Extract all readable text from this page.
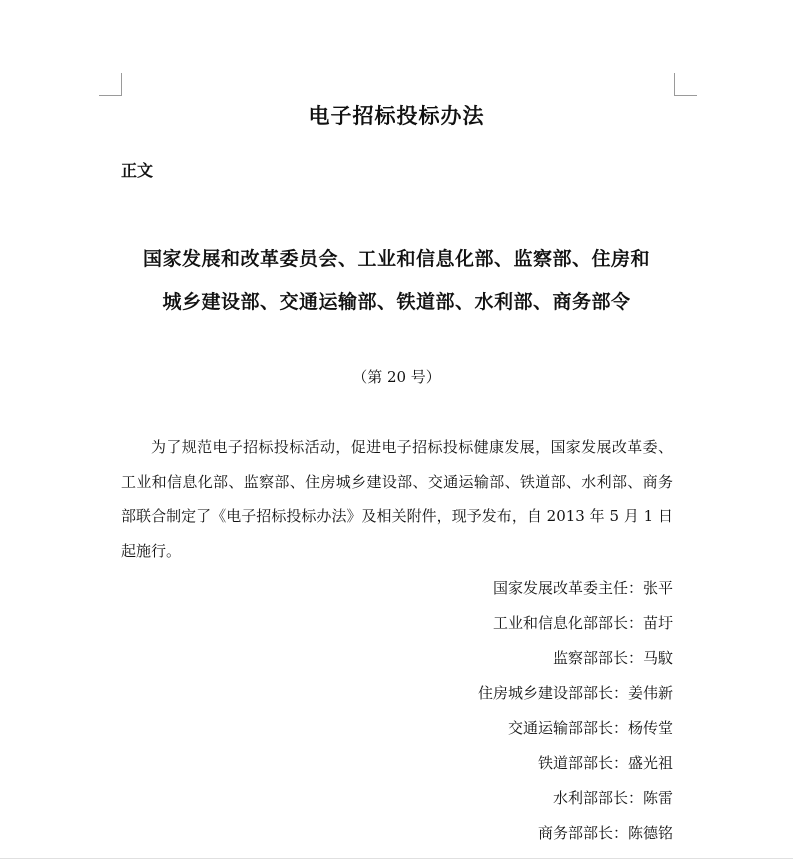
电子招标投标办法
正文
国家发展和改革委员会、工业和信息化部、监察部、住房和
城乡建设部、交通运输部、铁道部、水利部、商务部令
（第 20 号）

为了规范电子招标投标活动，促进电子招标投标健康发展，国家发展改革委、工业和信息化部、监察部、住房城乡建设部、交通运输部、铁道部、水利部、商务部联合制定了《电子招标投标办法》及相关附件，现予发布，自 2013 年 5 月 1 日起施行。

国家发展改革委主任：张平
工业和信息化部部长：苗圩
监察部部长：马馼
住房城乡建设部部长：姜伟新
交通运输部部长：杨传堂
铁道部部长：盛光祖
水利部部长：陈雷
商务部部长：陈德铭
